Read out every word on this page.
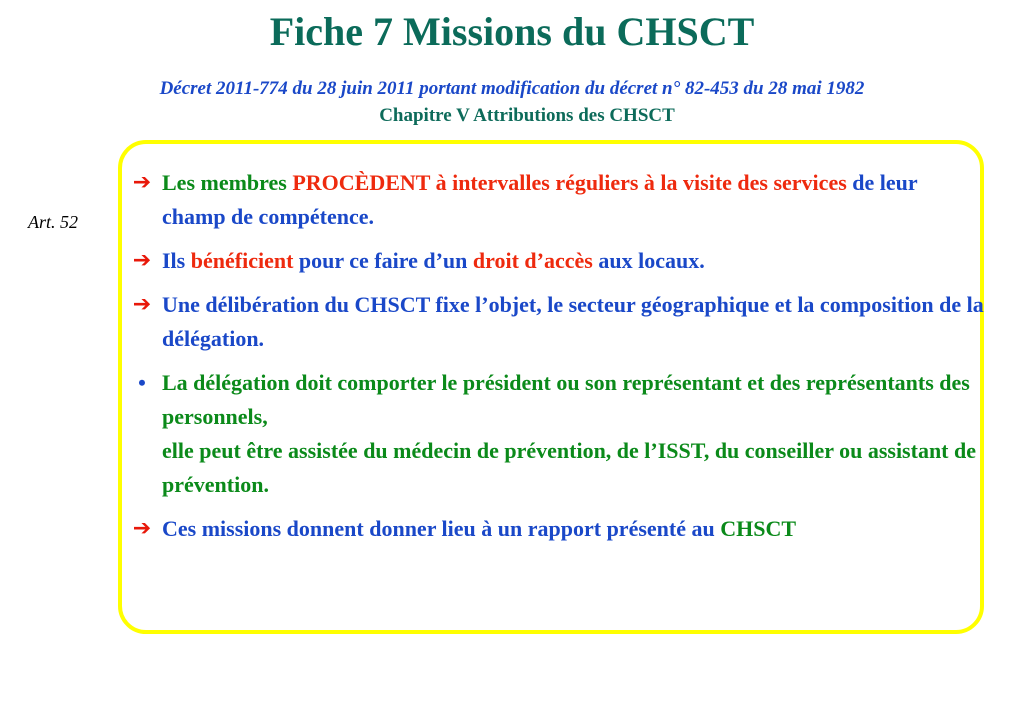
Fiche 7 Missions du CHSCT
Décret 2011-774 du 28 juin 2011 portant modification du décret n° 82-453 du 28 mai 1982
Chapitre V Attributions des CHSCT
Art. 52
➔ Les membres PROCÈDENT à intervalles réguliers à la visite des services de leur champ de compétence.
➔ Ils bénéficient pour ce faire d’un droit d’accès aux locaux.
➔ Une délibération du CHSCT fixe l’objet, le secteur géographique et la composition de la délégation.
• La délégation doit comporter le président ou son représentant et des représentants des personnels,
elle peut être assistée du médecin de prévention, de l’ISST, du conseiller ou assistant de prévention.
➔ Ces missions donnent donner lieu à un rapport présenté au CHSCT
